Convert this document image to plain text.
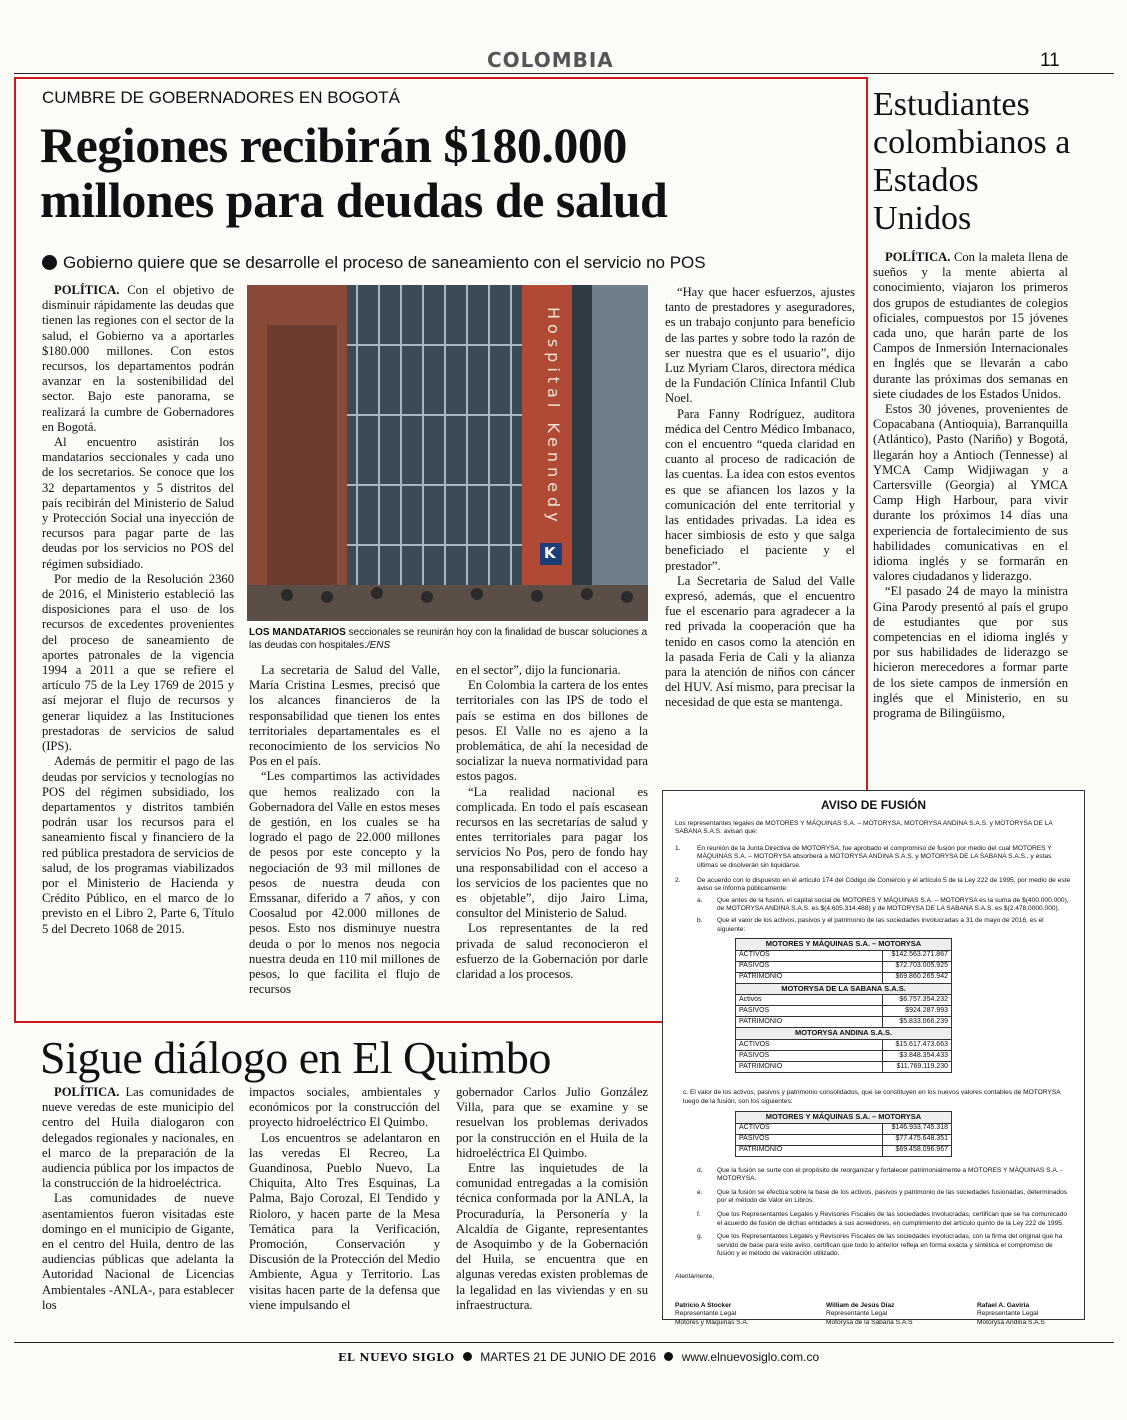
COLOMBIA	11
CUMBRE DE GOBERNADORES EN BOGOTÁ
Regiones recibirán $180.000
millones para deudas de salud
Gobierno quiere que se desarrolle el proceso de saneamiento con el servicio no POS

POLÍTICA. Con el objetivo de disminuir rápidamente las deudas que tienen las regiones con el sector de la salud, el Gobierno va a aportarles $180.000 millones. Con estos recursos, los departamentos podrán avanzar en la sostenibilidad del sector. Bajo este panorama, se realizará la cumbre de Gobernadores en Bogotá.

Al encuentro asistirán los mandatarios seccionales y cada uno de los secretarios. Se conoce que los 32 departamentos y 5 distritos del país recibirán del Ministerio de Salud y Protección Social una inyección de recursos para pagar parte de las deudas por los servicios no POS del régimen subsidiado.

Por medio de la Resolución 2360 de 2016, el Ministerio estableció las disposiciones para el uso de los recursos de excedentes provenientes del proceso de saneamiento de aportes patronales de la vigencia 1994 a 2011 a que se refiere el artículo 75 de la Ley 1769 de 2015 y así mejorar el flujo de recursos y generar liquidez a las Instituciones prestadoras de servicios de salud (IPS).

Además de permitir el pago de las deudas por servicios y tecnologías no POS del régimen subsidiado, los departamentos y distritos también podrán usar los recursos para el saneamiento fiscal y financiero de la red pública prestadora de servicios de salud, de los programas viabilizados por el Ministerio de Hacienda y Crédito Público, en el marco de lo previsto en el Libro 2, Parte 6, Título 5 del Decreto 1068 de 2015.

K
LOS MANDATARIOS seccionales se reunirán hoy con la finalidad de buscar soluciones a las deudas con hospitales./ENS

La secretaria de Salud del Valle, María Cristina Lesmes, precisó que los alcances financieros de la responsabilidad que tienen los entes territoriales departamentales es el reconocimiento de los servicios No Pos en el país.

“Les compartimos las actividades que hemos realizado con la Gobernadora del Valle en estos meses de gestión, en los cuales se ha logrado el pago de 22.000 millones de pesos por este concepto y la negociación de 93 mil millones de pesos de nuestra deuda con Emssanar, diferido a 7 años, y con Coosalud por 42.000 millones de pesos. Esto nos disminuye nuestra deuda o por lo menos nos negocia nuestra deuda en 110 mil millones de pesos, lo que facilita el flujo de recursos

en el sector”, dijo la funcionaria.

En Colombia la cartera de los entes territoriales con las IPS de todo el país se estima en dos billones de pesos. El Valle no es ajeno a la problemática, de ahí la necesidad de socializar la nueva normatividad para estos pagos.

“La realidad nacional es complicada. En todo el país escasean recursos en las secretarías de salud y entes territoriales para pagar los servicios No Pos, pero de fondo hay una responsabilidad con el acceso a los servicios de los pacientes que no es objetable”, dijo Jairo Lima, consultor del Ministerio de Salud.

Los representantes de la red privada de salud reconocieron el esfuerzo de la Gobernación por darle claridad a los procesos.

“Hay que hacer esfuerzos, ajustes tanto de prestadores y aseguradores, es un trabajo conjunto para beneficio de las partes y sobre todo la razón de ser nuestra que es el usuario”, dijo Luz Myriam Claros, directora médica de la Fundación Clínica Infantil Club Noel.

Para Fanny Rodríguez, auditora médica del Centro Médico Imbanaco, con el encuentro “queda claridad en cuanto al proceso de radicación de las cuentas. La idea con estos eventos es que se afiancen los lazos y la comunicación del ente territorial y las entidades privadas. La idea es hacer simbiosis de esto y que salga beneficiado el paciente y el prestador”.

La Secretaria de Salud del Valle expresó, además, que el encuentro fue el escenario para agradecer a la red privada la cooperación que ha tenido en casos como la atención en la pasada Feria de Cali y la alianza para la atención de niños con cáncer del HUV. Así mismo, para precisar la necesidad de que esta se mantenga.

Estudiantes colombianos a Estados Unidos

POLÍTICA. Con la maleta llena de sueños y la mente abierta al conocimiento, viajaron los primeros dos grupos de estudiantes de colegios oficiales, compuestos por 15 jóvenes cada uno, que harán parte de los Campos de Inmersión Internacionales en Inglés que se llevarán a cabo durante las próximas dos semanas en siete ciudades de los Estados Unidos.

Estos 30 jóvenes, provenientes de Copacabana (Antioquia), Barranquilla (Atlántico), Pasto (Nariño) y Bogotá, llegarán hoy a Antioch (Tennesse) al YMCA Camp Widjiwagan y a Cartersville (Georgia) al YMCA Camp High Harbour, para vivir durante los próximos 14 días una experiencia de fortalecimiento de sus habilidades comunicativas en el idioma inglés y se formarán en valores ciudadanos y liderazgo.

“El pasado 24 de mayo la ministra Gina Parody presentó al país el grupo de estudiantes que por sus competencias en el idioma inglés y por sus habilidades de liderazgo se hicieron merecedores a formar parte de los siete campos de inmersión en inglés que el Ministerio, en su programa de Bilingüismo,

AVISO DE FUSIÓN
Los representantes legales de MOTORES Y MÁQUINAS S.A. – MOTORYSA, MOTORYSA ANDINA S.A.S. y MOTORYSA DE LA SABANA S.A.S. avisan que:
1.	En reunión de la Junta Directiva de MOTORYSA, fue aprobado el compromiso de fusión por medio del cual MOTORES Y MÁQUINAS S.A. – MOTORYSA absorberá a MOTORYSA ANDINA S.A.S. y MOTORYSA DE LA SABANA S.A.S., y éstas últimas se disolverán sin liquidarse.
2.	De acuerdo con lo dispuesto en el artículo 174 del Código de Comercio y el artículo 5 de la Ley 222 de 1995, por medio de este aviso se informa públicamente:
a.	Que antes de la fusión, el capital social de MOTORES Y MÁQUINAS S.A. – MOTORYSA es la suma de $(400.000.000), de MOTORYSA ANDINA S.A.S. es $(4.605.314.488) y de MOTORYSA DE LA SABANA S.A.S. es $(2.478.0000.000).
b.	Que el valor de los activos, pasivos y el patrimonio de las sociedades involucradas a 31 de mayo de 2016, es el siguiente:
MOTORES Y MÁQUINAS S.A. – MOTORYSA	
ACTIVOS	$142.563.271.867
PASIVOS	$72.703.005.925
PATRIMONIO	$69.860.265.942
MOTORYSA DE LA SABANA S.A.S.	
Activos	$6.757.354.232
PASIVOS	$924.287.993
PATRIMONIO	$5.833.066.239
MOTORYSA ANDINA S.A.S.	
ACTIVOS	$15.617.473.663
PASIVOS	$3.848.354.433
PATRIMONIO	$11.769.119.230
c. El valor de los activos, pasivos y patrimonio consolidados, que se constituyen en los nuevos valores contables de MOTORYSA luego de la fusión, son los siguientes:
MOTORES Y MÁQUINAS S.A. – MOTORYSA	
ACTIVOS	$146.933.745.318
PASIVOS	$77.475.648.351
PATRIMONIO	$69.458.096.967
d.	Que la fusión se surte con el propósito de reorganizar y fortalecer patrimonialmente a MOTORES Y MÁQUINAS S.A. - MOTORYSA.
e.	Que la fusión se efectúa sobre la base de los activos, pasivos y patrimonio de las sociedades fusionadas, determinados por el método de Valor en Libros.
f.	Que los Representantes Legales y Revisores Fiscales de las sociedades involucradas, certifican que se ha comunicado el acuerdo de fusión de dichas entidades a sus acreedores, en cumplimiento del artículo quinto de la Ley 222 de 1995.
g.	Que los Representantes Legales y Revisores Fiscales de las sociedades involucradas, con la firma del original que ha servido de base para este aviso, certifican que todo lo anterior refleja en forma exacta y sintética el compromiso de fusión y el método de valoración utilizado.
Atentamente,
Patricio A Stocker
Representante Legal
Motores y Máquinas S.A.
William de Jesús Díaz
Representante Legal
Motorysa de la Sabana S.A.S
Rafael A. Gaviria
Representante Legal
Motorysa Andina S.A.S
Sigue diálogo en El Quimbo

POLÍTICA. Las comunidades de nueve veredas de este municipio del centro del Huila dialogaron con delegados regionales y nacionales, en el marco de la preparación de la audiencia pública por los impactos de la construcción de la hidroeléctrica.

Las comunidades de nueve asentamientos fueron visitadas este domingo en el municipio de Gigante, en el centro del Huila, dentro de las audiencias públicas que adelanta la Autoridad Nacional de Licencias Ambientales -ANLA-, para establecer los

impactos sociales, ambientales y económicos por la construcción del proyecto hidroeléctrico El Quimbo.

Los encuentros se adelantaron en las veredas El Recreo, La Guandinosa, Pueblo Nuevo, La Chiquita, Alto Tres Esquinas, La Palma, Bajo Corozal, El Tendido y Rioloro, y hacen parte de la Mesa Temática para la Verificación, Promoción, Conservación y Discusión de la Protección del Medio Ambiente, Agua y Territorio. Las visitas hacen parte de la defensa que viene impulsando el

gobernador Carlos Julio González Villa, para que se examine y se resuelvan los problemas derivados por la construcción en el Huila de la hidroeléctrica El Quimbo.

Entre las inquietudes de la comunidad entregadas a la comisión técnica conformada por la ANLA, la Procuraduría, la Personería y la Alcaldía de Gigante, representantes de Asoquimbo y de la Gobernación del Huila, se encuentra que en algunas veredas existen problemas de la legalidad en las viviendas y en su infraestructura.

EL NUEVO SIGLO MARTES 21 DE JUNIO DE 2016 www.elnuevosiglo.com.co
